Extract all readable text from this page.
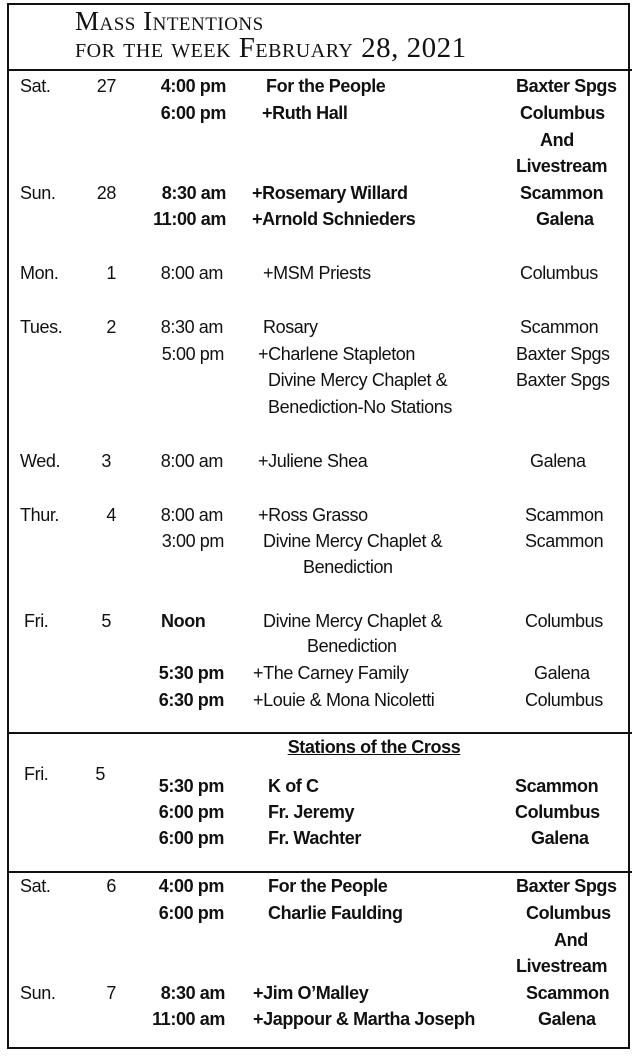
Mass Intentions
for the week February 28, 2021
Sat.	27	4:00 pm For the People	Baxter Spgs
6:00 pm +Ruth Hall	Columbus
And
Livestream
Sun.	28	8:30 am +Rosemary Willard	Scammon
11:00 am +Arnold Schnieders	Galena
Mon.	1	8:00 am +MSM Priests	Columbus
Tues.	2	8:30 am Rosary	Scammon
5:00 pm +Charlene Stapleton	Baxter Spgs
Divine Mercy Chaplet &	Baxter Spgs
Benediction-No Stations
Wed.	3	8:00 am +Juliene Shea	Galena
Thur.	4	8:00 am +Ross Grasso	Scammon
3:00 pm Divine Mercy Chaplet &	Scammon
Benediction
Fri.	5	Noon	Divine Mercy Chaplet &	Columbus
Benediction
5:30 pm +The Carney Family	Galena
6:30 pm +Louie & Mona Nicoletti	Columbus
Stations of the Cross
Fri.	5
5:30 pm K of C	Scammon
6:00 pm Fr. Jeremy	Columbus
6:00 pm Fr. Wachter	Galena
Sat.	6	4:00 pm For the People	Baxter Spgs
6:00 pm Charlie Faulding	Columbus
And
Livestream
Sun.	7	8:30 am +Jim O’Malley	Scammon
11:00 am +Jappour & Martha Joseph	Galena
